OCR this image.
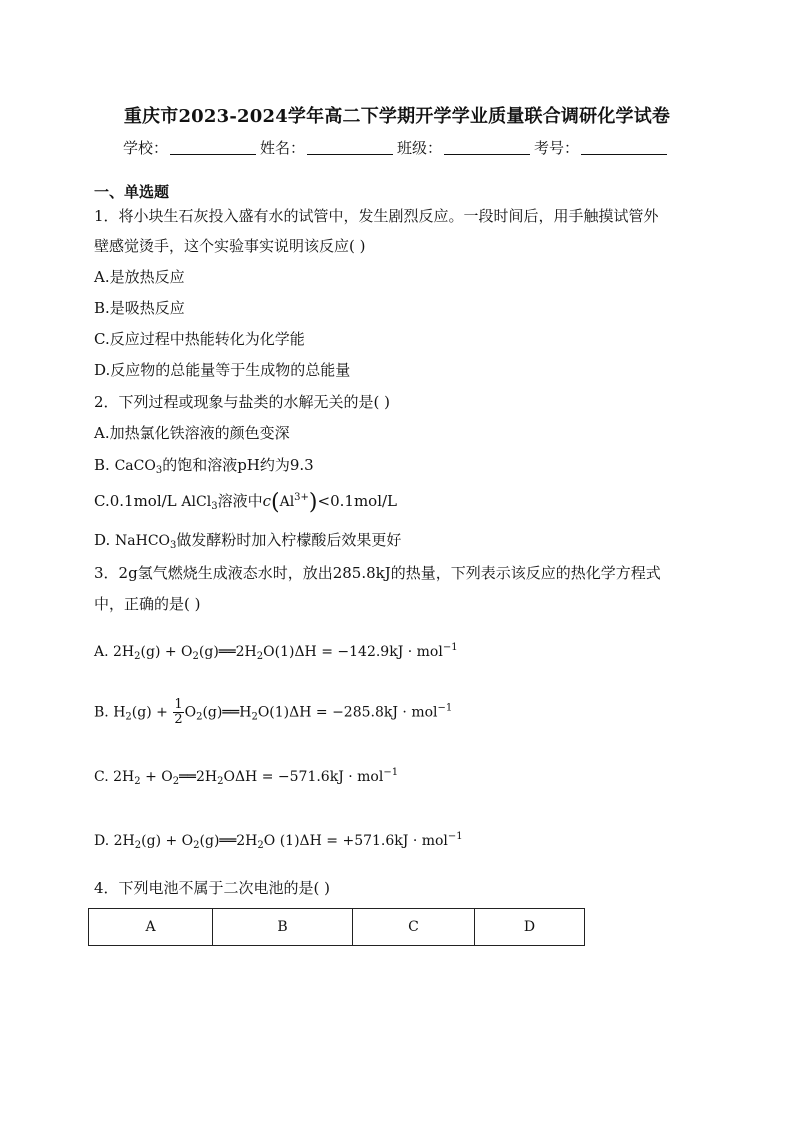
重庆市2023-2024学年高二下学期开学学业质量联合调研化学试卷
学校：	姓名：	班级：	考号：
一、单选题
1．将小块生石灰投入盛有水的试管中，发生剧烈反应。一段时间后，用手触摸试管外
壁感觉烫手，这个实验事实说明该反应( )
A.是放热反应
B.是吸热反应
C.反应过程中热能转化为化学能
D.反应物的总能量等于生成物的总能量
2．下列过程或现象与盐类的水解无关的是( )
A.加热氯化铁溶液的颜色变深
B. CaCO$_3$的饱和溶液pH约为9.3
C.0.1mol/L AlCl$_3$溶液中$c(Al^{3+})<0.1mol/L$
D. NaHCO$_3$做发酵粉时加入柠檬酸后效果更好
3．2g氢气燃烧生成液态水时，放出285.8kJ的热量，下列表示该反应的热化学方程式
中，正确的是( )
A. $2H_2(g)$ + $O_2(g)══2H_2O(1)\Delta H = -142.9kJ \cdot mol^{-1}$
B. $H_2(g) + \frac{1}{2}$ $O_2(g)══H_2O(1)\Delta H = -285.8kJ \cdot mol^{-1}$
C. $2H_2$ + $O_2══2H_2O\Delta H = -571.6kJ \cdot mol^{-1}$
D. $2H_2(g)$ + $O_2(g)══2H_2O$ (1)ΔH = +571.6kJ · mol$^{-1}$
4．下列电池不属于二次电池的是( )
A	B	C	D
